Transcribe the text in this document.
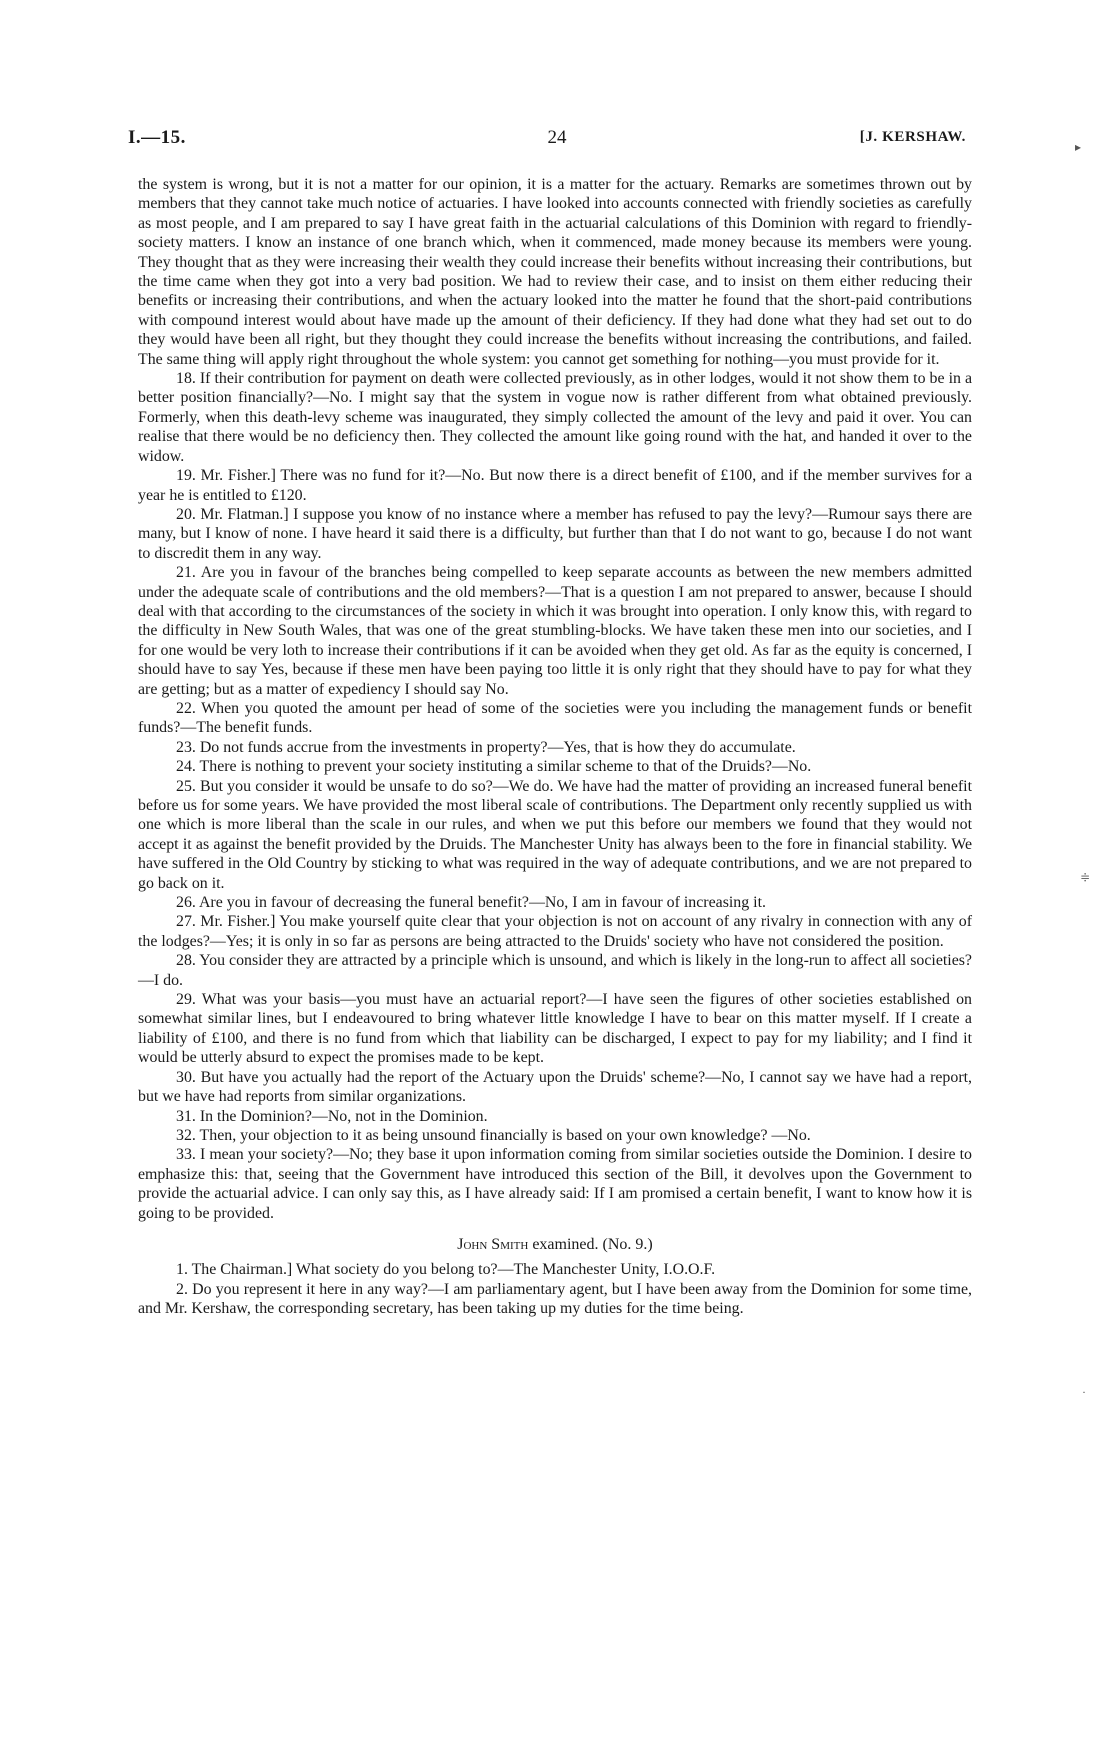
I.—15.	24	[J. KERSHAW.

the system is wrong, but it is not a matter for our opinion, it is a matter for the actuary. Remarks are sometimes thrown out by members that they cannot take much notice of actuaries. I have looked into accounts connected with friendly societies as carefully as most people, and I am prepared to say I have great faith in the actuarial calculations of this Dominion with regard to friendly-society matters. I know an instance of one branch which, when it commenced, made money because its members were young. They thought that as they were increasing their wealth they could increase their benefits without increasing their contributions, but the time came when they got into a very bad position. We had to review their case, and to insist on them either reducing their benefits or increasing their contributions, and when the actuary looked into the matter he found that the short-paid contributions with compound interest would about have made up the amount of their deficiency. If they had done what they had set out to do they would have been all right, but they thought they could increase the benefits without increasing the contributions, and failed. The same thing will apply right throughout the whole system: you cannot get something for nothing—you must provide for it.

18. If their contribution for payment on death were collected previously, as in other lodges, would it not show them to be in a better position financially?—No. I might say that the system in vogue now is rather different from what obtained previously. Formerly, when this death-levy scheme was inaugurated, they simply collected the amount of the levy and paid it over. You can realise that there would be no deficiency then. They collected the amount like going round with the hat, and handed it over to the widow.

19. Mr. Fisher.] There was no fund for it?—No. But now there is a direct benefit of £100, and if the member survives for a year he is entitled to £120.

20. Mr. Flatman.] I suppose you know of no instance where a member has refused to pay the levy?—Rumour says there are many, but I know of none. I have heard it said there is a difficulty, but further than that I do not want to go, because I do not want to discredit them in any way.

21. Are you in favour of the branches being compelled to keep separate accounts as between the new members admitted under the adequate scale of contributions and the old members?—That is a question I am not prepared to answer, because I should deal with that according to the circumstances of the society in which it was brought into operation. I only know this, with regard to the difficulty in New South Wales, that was one of the great stumbling-blocks. We have taken these men into our societies, and I for one would be very loth to increase their contributions if it can be avoided when they get old. As far as the equity is concerned, I should have to say Yes, because if these men have been paying too little it is only right that they should have to pay for what they are getting; but as a matter of expediency I should say No.

22. When you quoted the amount per head of some of the societies were you including the management funds or benefit funds?—The benefit funds.

23. Do not funds accrue from the investments in property?—Yes, that is how they do accumulate.

24. There is nothing to prevent your society instituting a similar scheme to that of the Druids?—No.

25. But you consider it would be unsafe to do so?—We do. We have had the matter of providing an increased funeral benefit before us for some years. We have provided the most liberal scale of contributions. The Department only recently supplied us with one which is more liberal than the scale in our rules, and when we put this before our members we found that they would not accept it as against the benefit provided by the Druids. The Manchester Unity has always been to the fore in financial stability. We have suffered in the Old Country by sticking to what was required in the way of adequate contributions, and we are not prepared to go back on it.

26. Are you in favour of decreasing the funeral benefit?—No, I am in favour of increasing it.

27. Mr. Fisher.] You make yourself quite clear that your objection is not on account of any rivalry in connection with any of the lodges?—Yes; it is only in so far as persons are being attracted to the Druids' society who have not considered the position.

28. You consider they are attracted by a principle which is unsound, and which is likely in the long-run to affect all societies?—I do.

29. What was your basis—you must have an actuarial report?—I have seen the figures of other societies established on somewhat similar lines, but I endeavoured to bring whatever little knowledge I have to bear on this matter myself. If I create a liability of £100, and there is no fund from which that liability can be discharged, I expect to pay for my liability; and I find it would be utterly absurd to expect the promises made to be kept.

30. But have you actually had the report of the Actuary upon the Druids' scheme?—No, I cannot say we have had a report, but we have had reports from similar organizations.

31. In the Dominion?—No, not in the Dominion.

32. Then, your objection to it as being unsound financially is based on your own knowledge? —No.

33. I mean your society?—No; they base it upon information coming from similar societies outside the Dominion. I desire to emphasize this: that, seeing that the Government have introduced this section of the Bill, it devolves upon the Government to provide the actuarial advice. I can only say this, as I have already said: If I am promised a certain benefit, I want to know how it is going to be provided.

John Smith examined. (No. 9.)

1. The Chairman.] What society do you belong to?—The Manchester Unity, I.O.O.F.

2. Do you represent it here in any way?—I am parliamentary agent, but I have been away from the Dominion for some time, and Mr. Kershaw, the corresponding secretary, has been taking up my duties for the time being.

▸
≑
·
